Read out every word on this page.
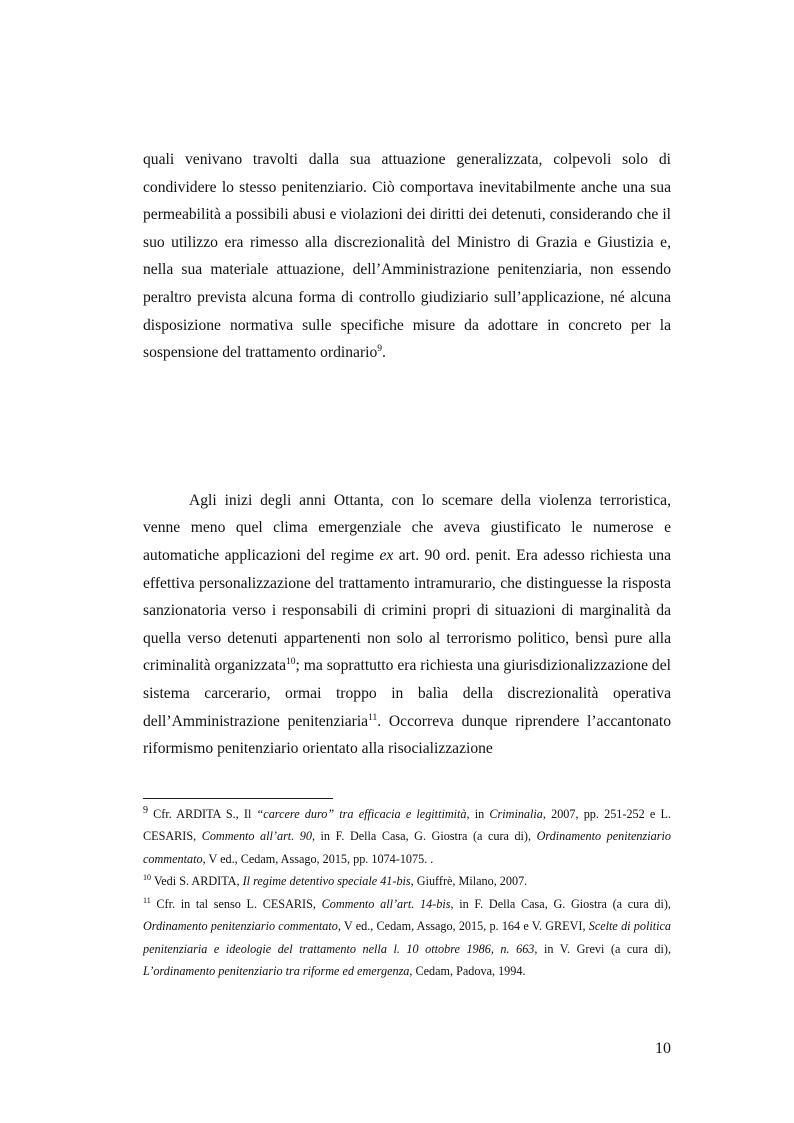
quali venivano travolti dalla sua attuazione generalizzata, colpevoli solo di condividere lo stesso penitenziario. Ciò comportava inevitabilmente anche una sua permeabilità a possibili abusi e violazioni dei diritti dei detenuti, considerando che il suo utilizzo era rimesso alla discrezionalità del Ministro di Grazia e Giustizia e, nella sua materiale attuazione, dell’Amministrazione penitenziaria, non essendo peraltro prevista alcuna forma di controllo giudiziario sull’applicazione, né alcuna disposizione normativa sulle specifiche misure da adottare in concreto per la sospensione del trattamento ordinario$^9$.

Agli inizi degli anni Ottanta, con lo scemare della violenza terroristica, venne meno quel clima emergenziale che aveva giustificato le numerose e automatiche applicazioni del regime ex art. 90 ord. penit. Era adesso richiesta una effettiva personalizzazione del trattamento intramurario, che distinguesse la risposta sanzionatoria verso i responsabili di crimini propri di situazioni di marginalità da quella verso detenuti appartenenti non solo al terrorismo politico, bensì pure alla criminalità organizzata$^{10}$; ma soprattutto era richiesta una giurisdizionalizzazione del sistema carcerario, ormai troppo in balìa della discrezionalità operativa dell’Amministrazione penitenziaria$^{11}$. Occorreva dunque riprendere l’accantonato riformismo penitenziario orientato alla risocializzazione

$^9$ Cfr. ARDITA S., Il “carcere duro” tra efficacia e legittimità, in Criminalia, 2007, pp. 251-252 e L. CESARIS, Commento all’art. 90, in F. Della Casa, G. Giostra (a cura di), Ordinamento penitenziario commentato, V ed., Cedam, Assago, 2015, pp. 1074-1075. .

$^{10}$ Vedi S. ARDITA, Il regime detentivo speciale 41-bis, Giuffrè, Milano, 2007.

$^{11}$ Cfr. in tal senso L. CESARIS, Commento all’art. 14-bis, in F. Della Casa, G. Giostra (a cura di), Ordinamento penitenziario commentato, V ed., Cedam, Assago, 2015, p. 164 e V. GREVI, Scelte di politica penitenziaria e ideologie del trattamento nella l. 10 ottobre 1986, n. 663, in V. Grevi (a cura di), L’ordinamento penitenziario tra riforme ed emergenza, Cedam, Padova, 1994.

10
